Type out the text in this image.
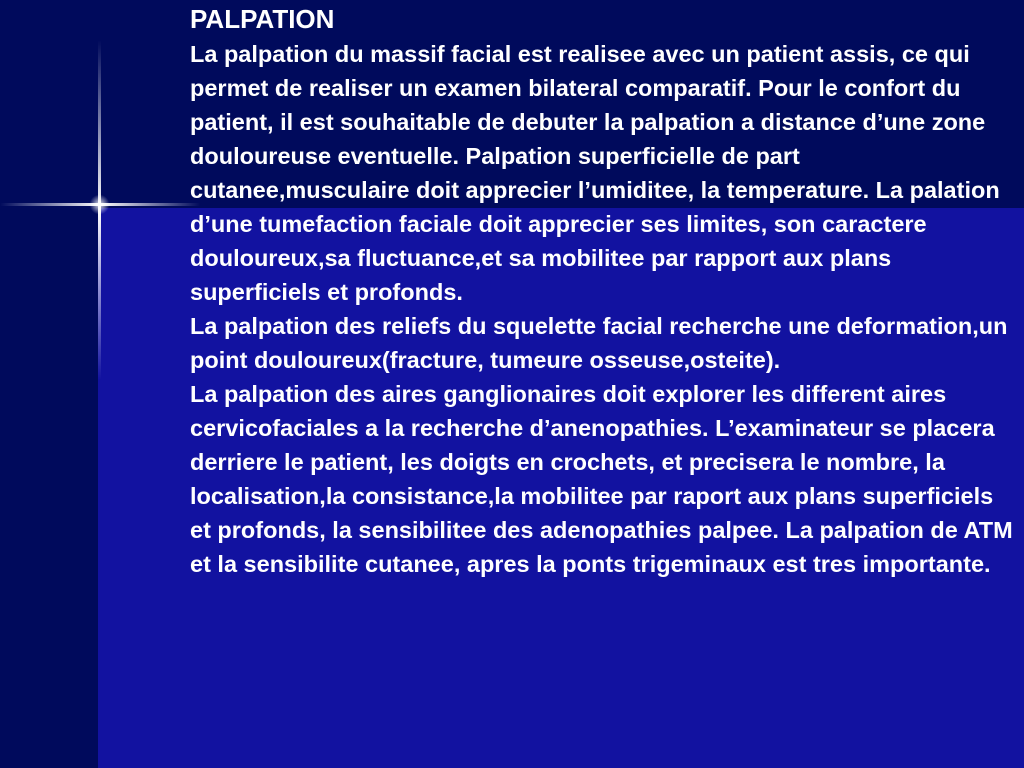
PALPATION

La palpation du massif facial est realisee avec un patient assis, ce qui permet de realiser un examen bilateral comparatif. Pour le confort du patient, il est souhaitable de debuter la palpation a distance d’une zone douloureuse eventuelle. Palpation superficielle de part cutanee,musculaire doit apprecier l’umiditee, la temperature. La palation d’une tumefaction faciale doit apprecier ses limites, son caractere douloureux,sa fluctuance,et sa mobilitee par rapport aux plans superficiels et profonds.

La palpation des reliefs du squelette facial recherche une deformation,un point douloureux(fracture, tumeure osseuse,osteite).

La palpation des aires ganglionaires doit explorer les different aires cervicofaciales a la recherche d’anenopathies. L’examinateur se placera derriere le patient, les doigts en crochets, et precisera le nombre, la localisation,la consistance,la mobilitee par raport aux plans superficiels et profonds, la sensibilitee des adenopathies palpee. La palpation de ATM et la sensibilite cutanee, apres la ponts trigeminaux est tres importante.
